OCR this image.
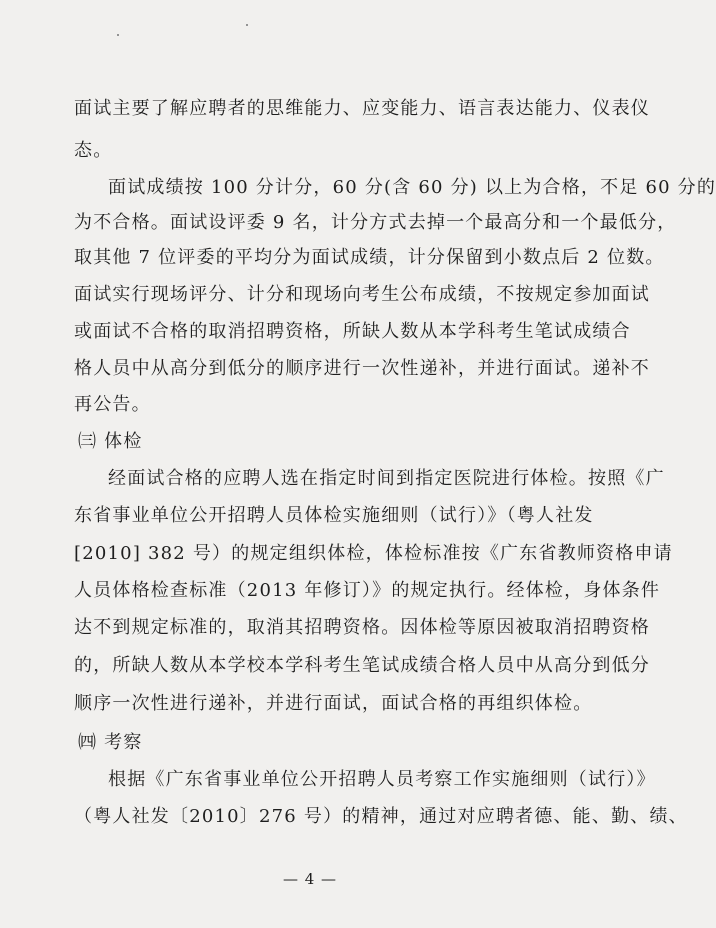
面试主要了解应聘者的思维能力、应变能力、语言表达能力、仪表仪
态。
面试成绩按 100 分计分，60 分(含 60 分) 以上为合格，不足 60 分的
为不合格。面试设评委 9 名，计分方式去掉一个最高分和一个最低分，
取其他 7 位评委的平均分为面试成绩，计分保留到小数点后 2 位数。
面试实行现场评分、计分和现场向考生公布成绩，不按规定参加面试
或面试不合格的取消招聘资格，所缺人数从本学科考生笔试成绩合
格人员中从高分到低分的顺序进行一次性递补，并进行面试。递补不
再公告。
㈢ 体检
经面试合格的应聘人选在指定时间到指定医院进行体检。按照《广
东省事业单位公开招聘人员体检实施细则（试行）》（粤人社发
[2010] 382 号）的规定组织体检，体检标准按《广东省教师资格申请
人员体格检查标准（2013 年修订）》的规定执行。经体检，身体条件
达不到规定标准的，取消其招聘资格。因体检等原因被取消招聘资格
的，所缺人数从本学校本学科考生笔试成绩合格人员中从高分到低分
顺序一次性进行递补，并进行面试，面试合格的再组织体检。
㈣ 考察
根据《广东省事业单位公开招聘人员考察工作实施细则（试行）》
（粤人社发〔2010〕276 号）的精神，通过对应聘者德、能、勤、绩、
— 4 —
